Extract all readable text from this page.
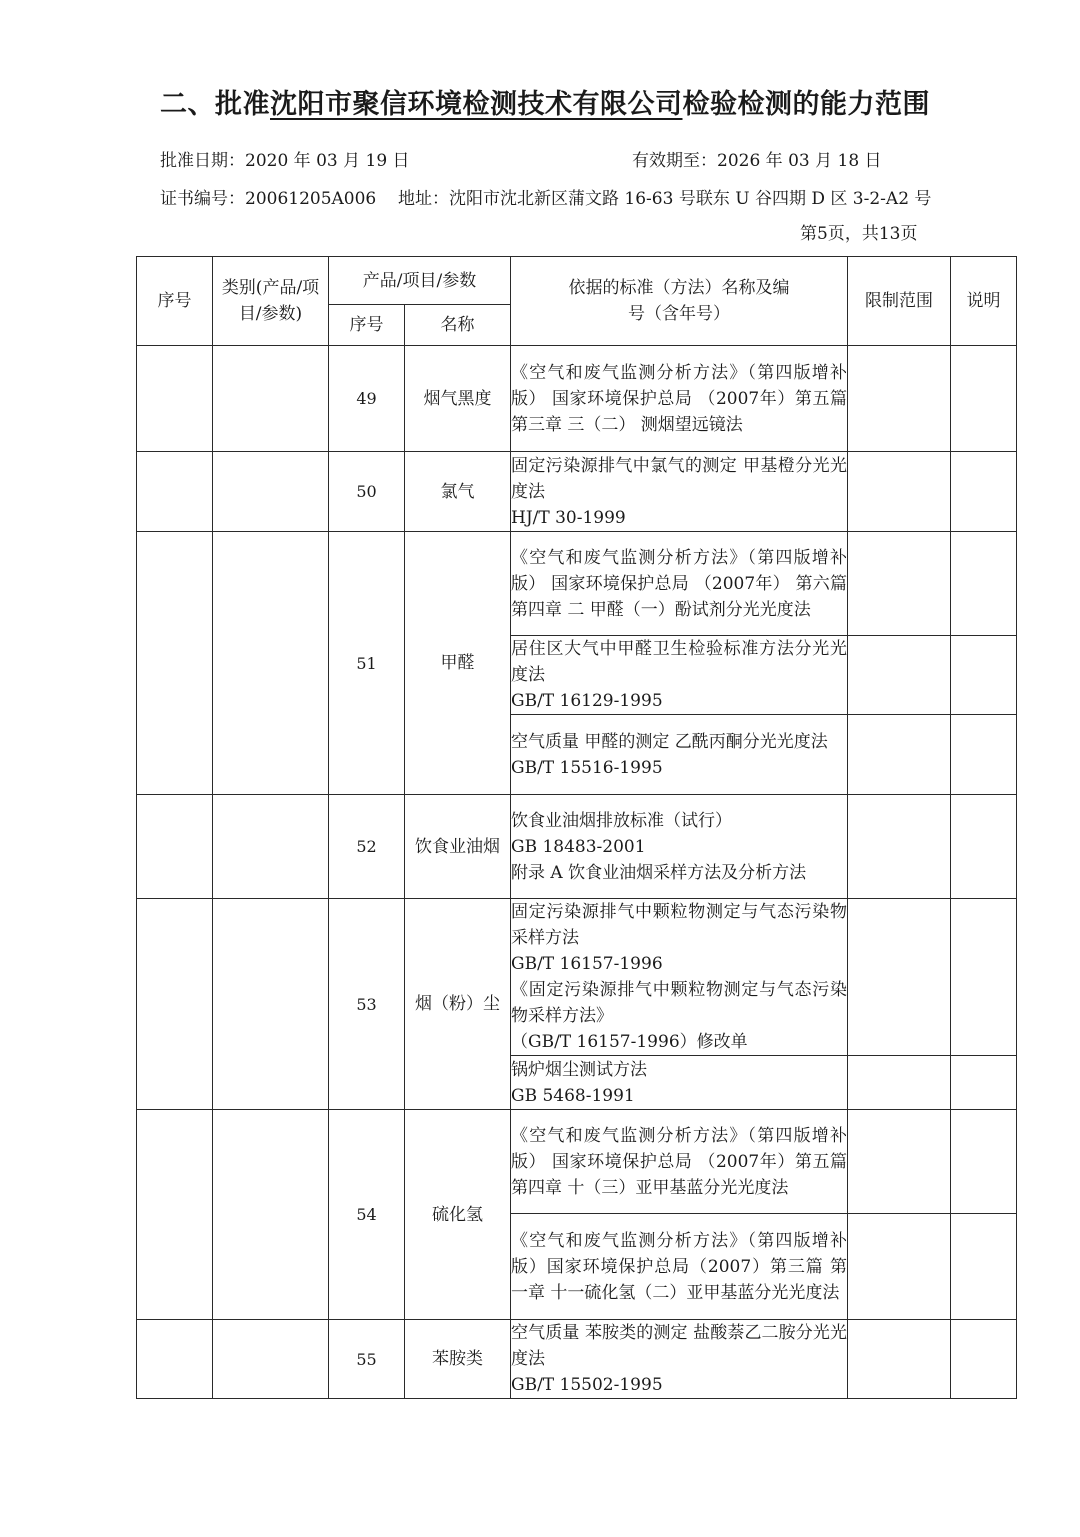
二、批准沈阳市聚信环境检测技术有限公司检验检测的能力范围
批准日期：2020 年 03 月 19 日	有效期至：2026 年 03 月 18 日
证书编号：20061205A006 地址：沈阳市沈北新区蒲文路 16-63 号联东 U 谷四期 D 区 3-2-A2 号
第5页，共13页
序号	类别(产品/项目/参数)	产品/项目/参数		依据的标准（方法）名称及编号（含年号）	限制范围	说明
		序号	名称			
		49	烟气黑度	《空气和废气监测分析方法》（第四版增补版） 国家环境保护总局 （2007年）第五篇 第三章 三（二） 测烟望远镜法		

		50	氯气	固定污染源排气中氯气的测定 甲基橙分光光度法
HJ/T 30-1999		

		51	甲醛	《空气和废气监测分析方法》（第四版增补版） 国家环境保护总局 （2007年） 第六篇 第四章 二 甲醛（一）酚试剂分光光度法		

				居住区大气中甲醛卫生检验标准方法分光光度法
GB/T 16129-1995		

				空气质量 甲醛的测定 乙酰丙酮分光光度法
GB/T 15516-1995		

		52	饮食业油烟	饮食业油烟排放标准（试行）
GB 18483-2001
附录 A 饮食业油烟采样方法及分析方法		

		53	烟（粉）尘	固定污染源排气中颗粒物测定与气态污染物采样方法
GB/T 16157-1996
《固定污染源排气中颗粒物测定与气态污染物采样方法》
（GB/T 16157-1996）修改单		

				锅炉烟尘测试方法
GB 5468-1991		

		54	硫化氢	《空气和废气监测分析方法》（第四版增补版） 国家环境保护总局 （2007年）第五篇 第四章 十（三）亚甲基蓝分光光度法		

				《空气和废气监测分析方法》（第四版增补版）国家环境保护总局（2007）第三篇 第一章 十一硫化氢（二）亚甲基蓝分光光度法		

		55	苯胺类	空气质量 苯胺类的测定 盐酸萘乙二胺分光光度法
GB/T 15502-1995		
